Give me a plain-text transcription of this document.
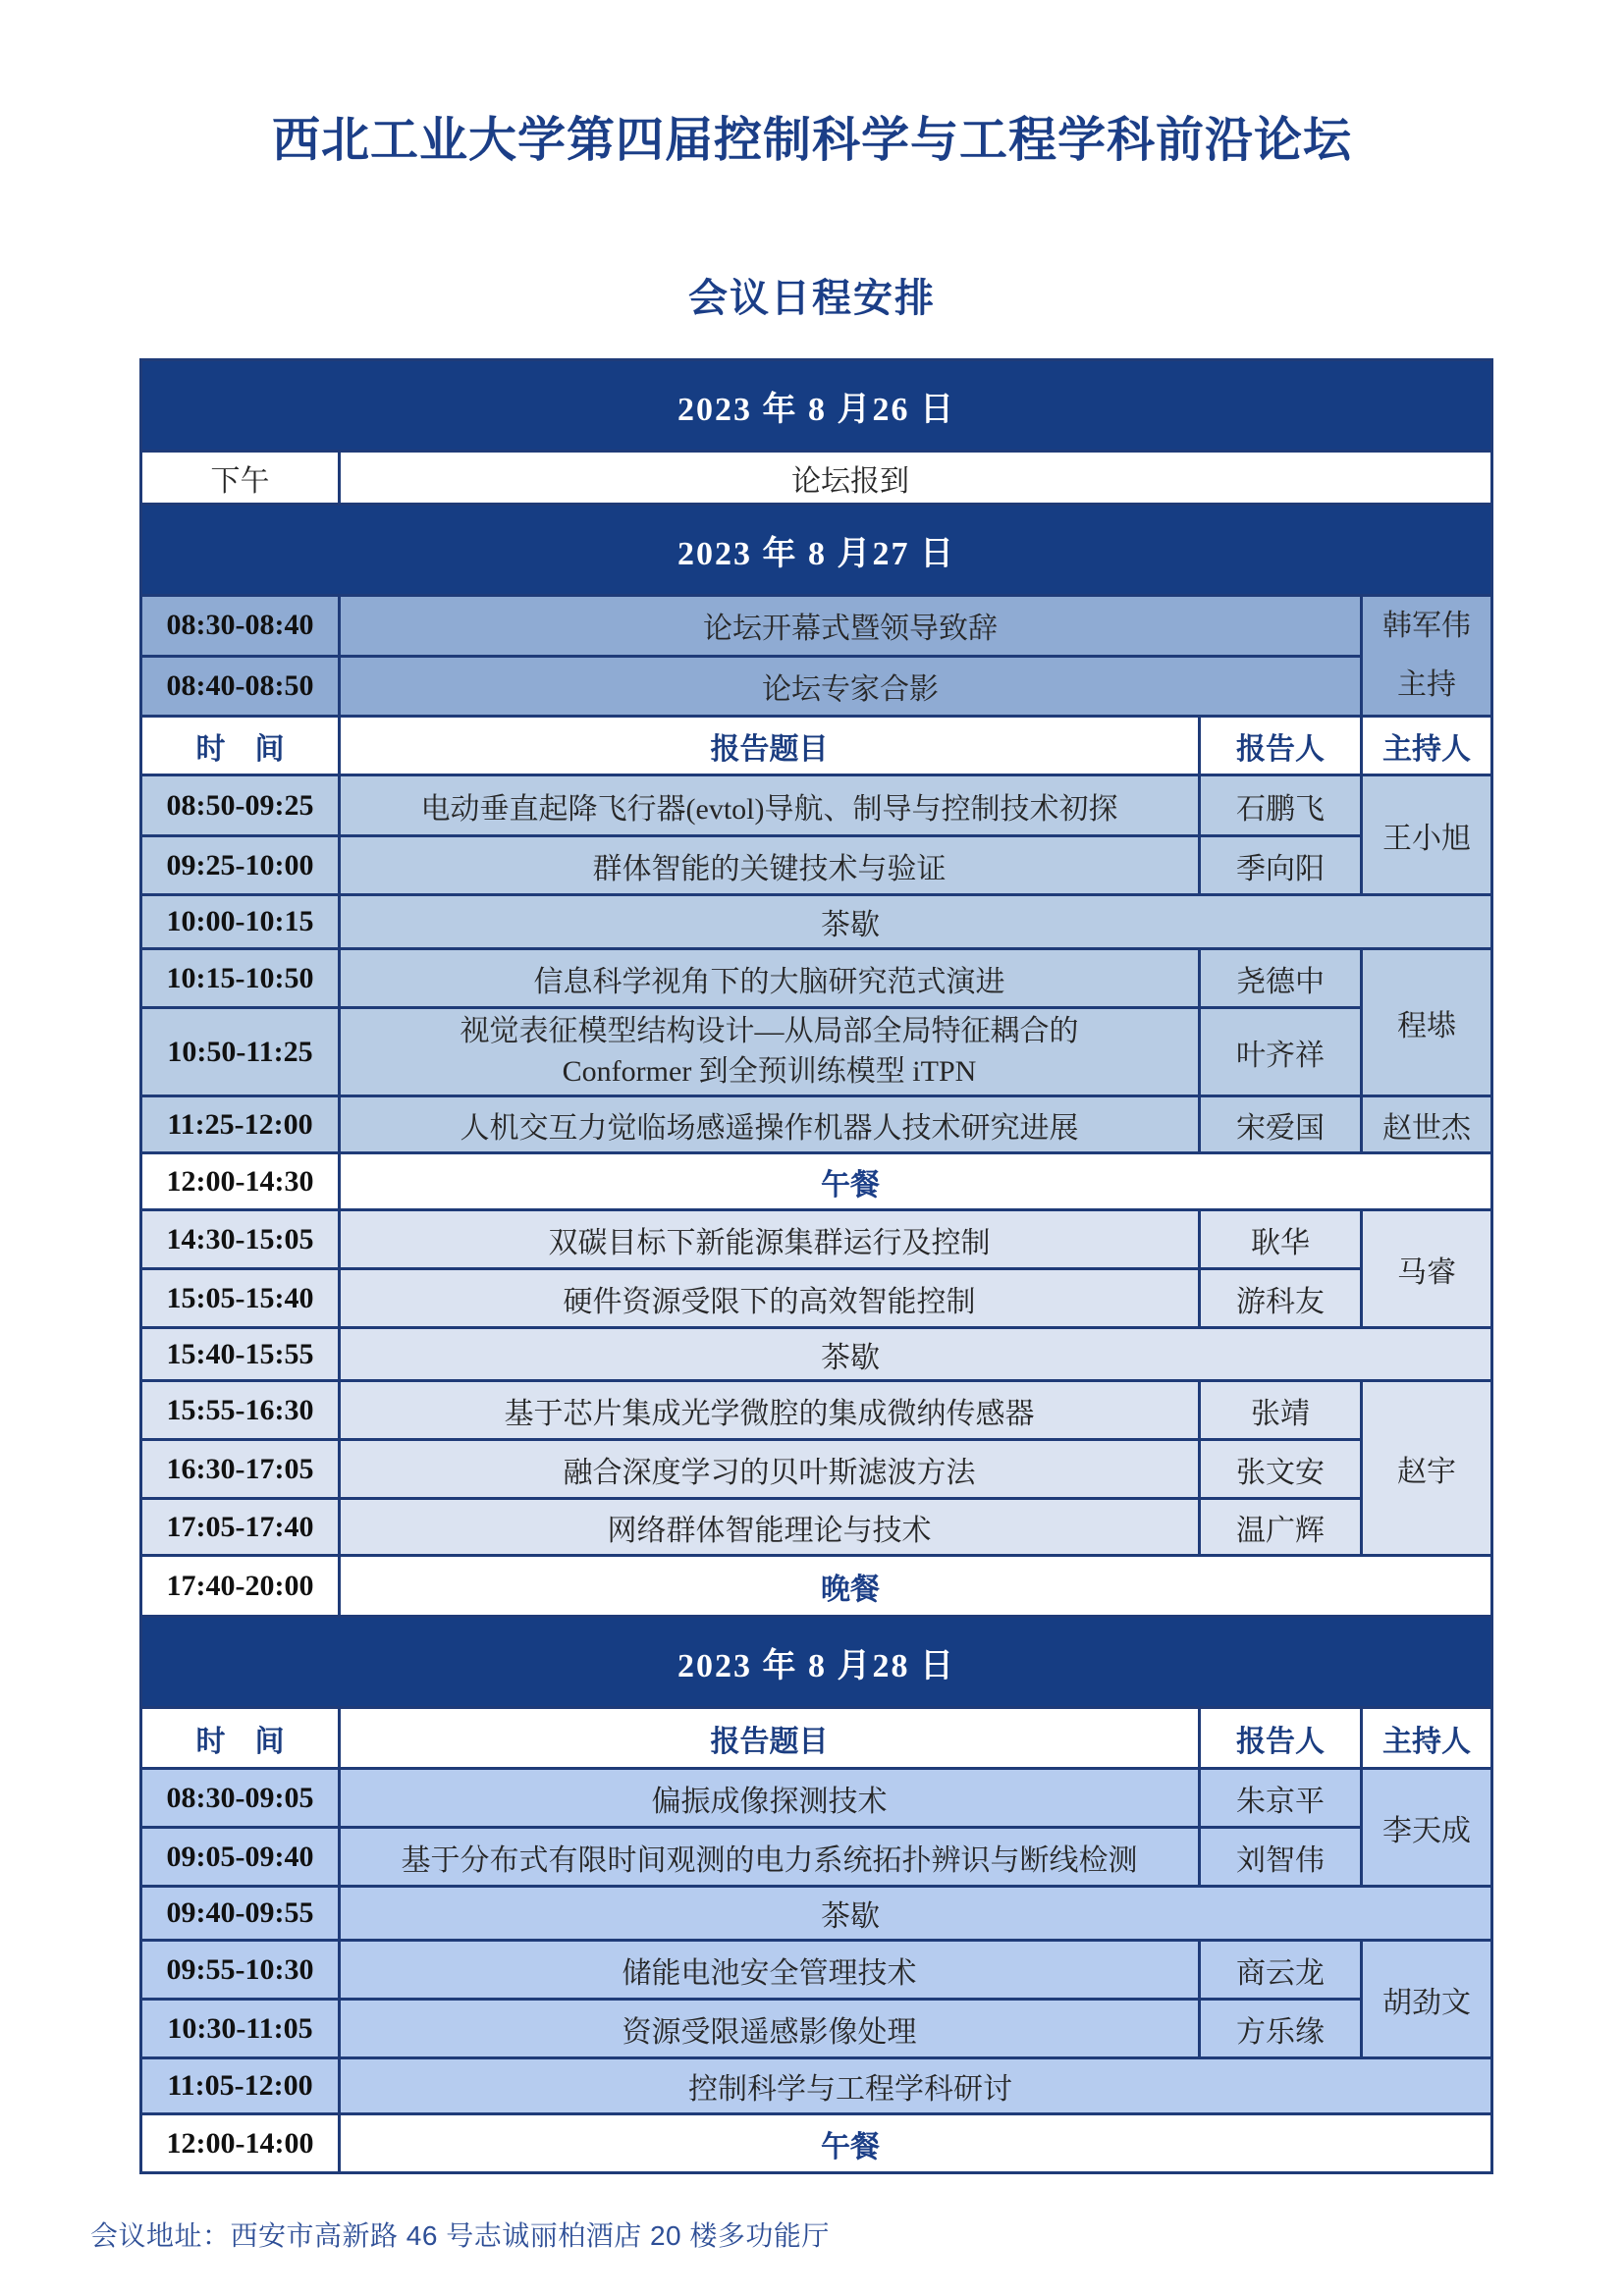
西北工业大学第四届控制科学与工程学科前沿论坛
会议日程安排
2023 年 8 月26 日			
下午	论坛报到		

2023 年 8 月27 日			
08:30-08:40	论坛开幕式暨领导致辞		韩军伟
主持

08:40-08:50	论坛专家合影		
时　间	报告题目	报告人	主持人
08:50-09:25	电动垂直起降飞行器(evtol)导航、制导与控制技术初探	石鹏飞	王小旭
09:25-10:00	群体智能的关键技术与验证	季向阳	
10:00-10:15	茶歇		

10:15-10:50	信息科学视角下的大脑研究范式演进	尧德中	程塨
10:50-11:25	视觉表征模型结构设计—从局部全局特征耦合的
Conformer 到全预训练模型 iTPN	叶齐祥	
11:25-12:00	人机交互力觉临场感遥操作机器人技术研究进展	宋爱国	赵世杰
12:00-14:30	午餐		

14:30-15:05	双碳目标下新能源集群运行及控制	耿华	马睿
15:05-15:40	硬件资源受限下的高效智能控制	游科友	
15:40-15:55	茶歇		

15:55-16:30	基于芯片集成光学微腔的集成微纳传感器	张靖	赵宇
16:30-17:05	融合深度学习的贝叶斯滤波方法	张文安	
17:05-17:40	网络群体智能理论与技术	温广辉	
17:40-20:00	晚餐		

2023 年 8 月28 日			
时　间	报告题目	报告人	主持人
08:30-09:05	偏振成像探测技术	朱京平	李天成
09:05-09:40	基于分布式有限时间观测的电力系统拓扑辨识与断线检测	刘智伟	
09:40-09:55	茶歇		

09:55-10:30	储能电池安全管理技术	商云龙	胡劲文
10:30-11:05	资源受限遥感影像处理	方乐缘	
11:05-12:00	控制科学与工程学科研讨		

12:00-14:00	午餐		
会议地址：西安市高新路 46 号志诚丽柏酒店 20 楼多功能厅
